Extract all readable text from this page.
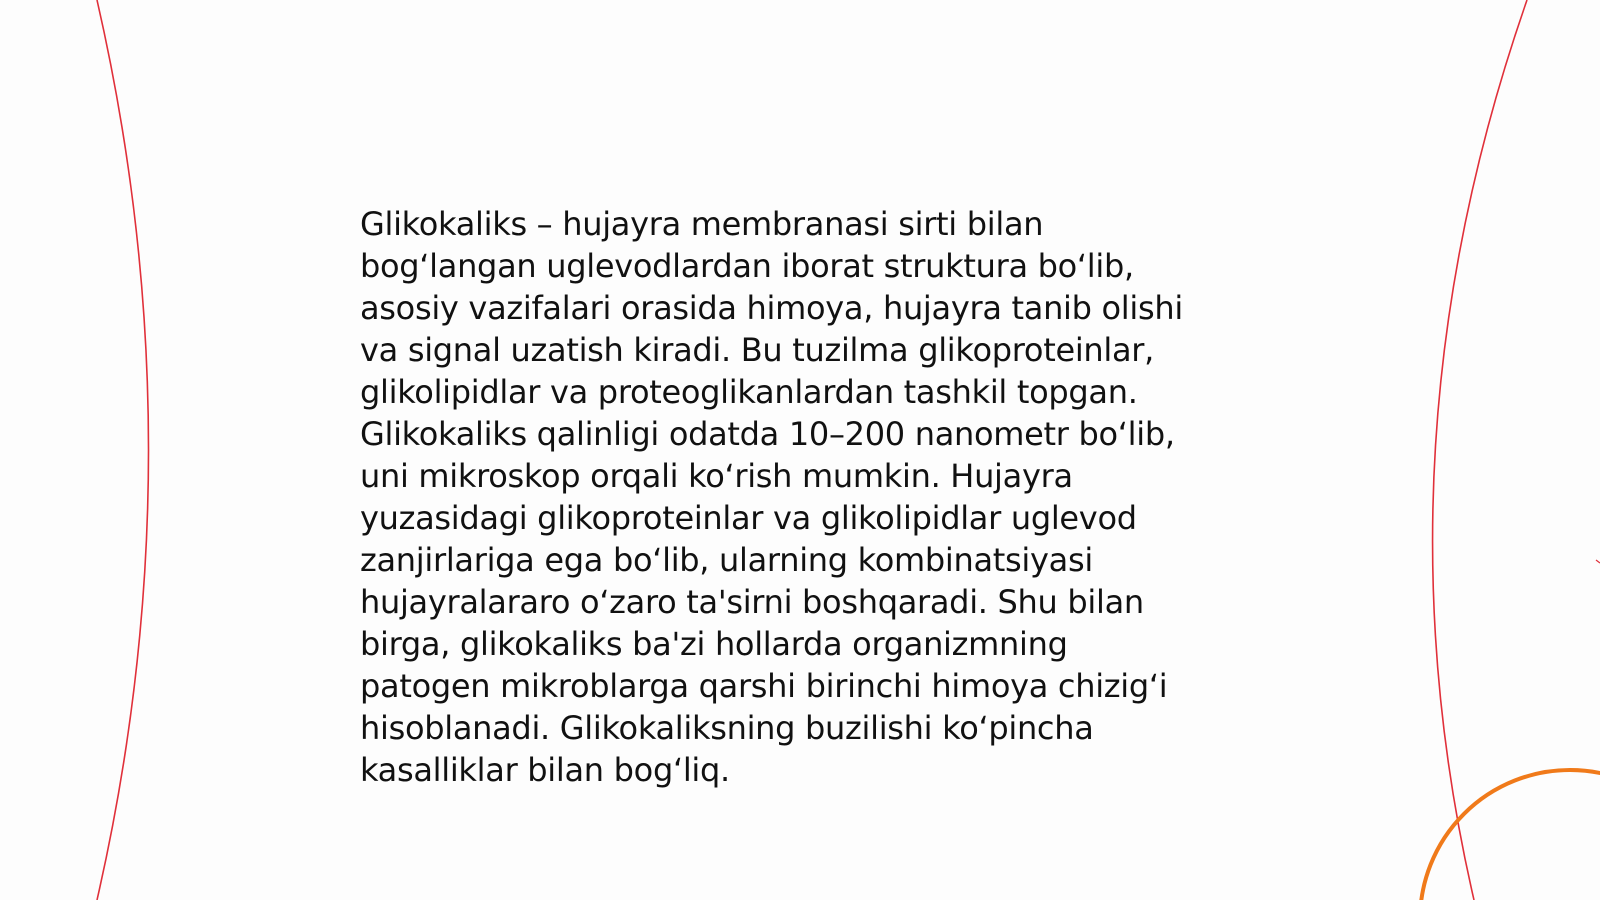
Glikokaliks – hujayra membranasi sirti bilan
bog‘langan uglevodlardan iborat struktura bo‘lib,
asosiy vazifalari orasida himoya, hujayra tanib olishi
va signal uzatish kiradi. Bu tuzilma glikoproteinlar,
glikolipidlar va proteoglikanlardan tashkil topgan.
Glikokaliks qalinligi odatda 10–200 nanometr bo‘lib,
uni mikroskop orqali ko‘rish mumkin. Hujayra
yuzasidagi glikoproteinlar va glikolipidlar uglevod
zanjirlariga ega bo‘lib, ularning kombinatsiyasi
hujayralararo o‘zaro ta'sirni boshqaradi. Shu bilan
birga, glikokaliks ba'zi hollarda organizmning
patogen mikroblarga qarshi birinchi himoya chizig‘i
hisoblanadi. Glikokaliksning buzilishi ko‘pincha
kasalliklar bilan bog‘liq.
